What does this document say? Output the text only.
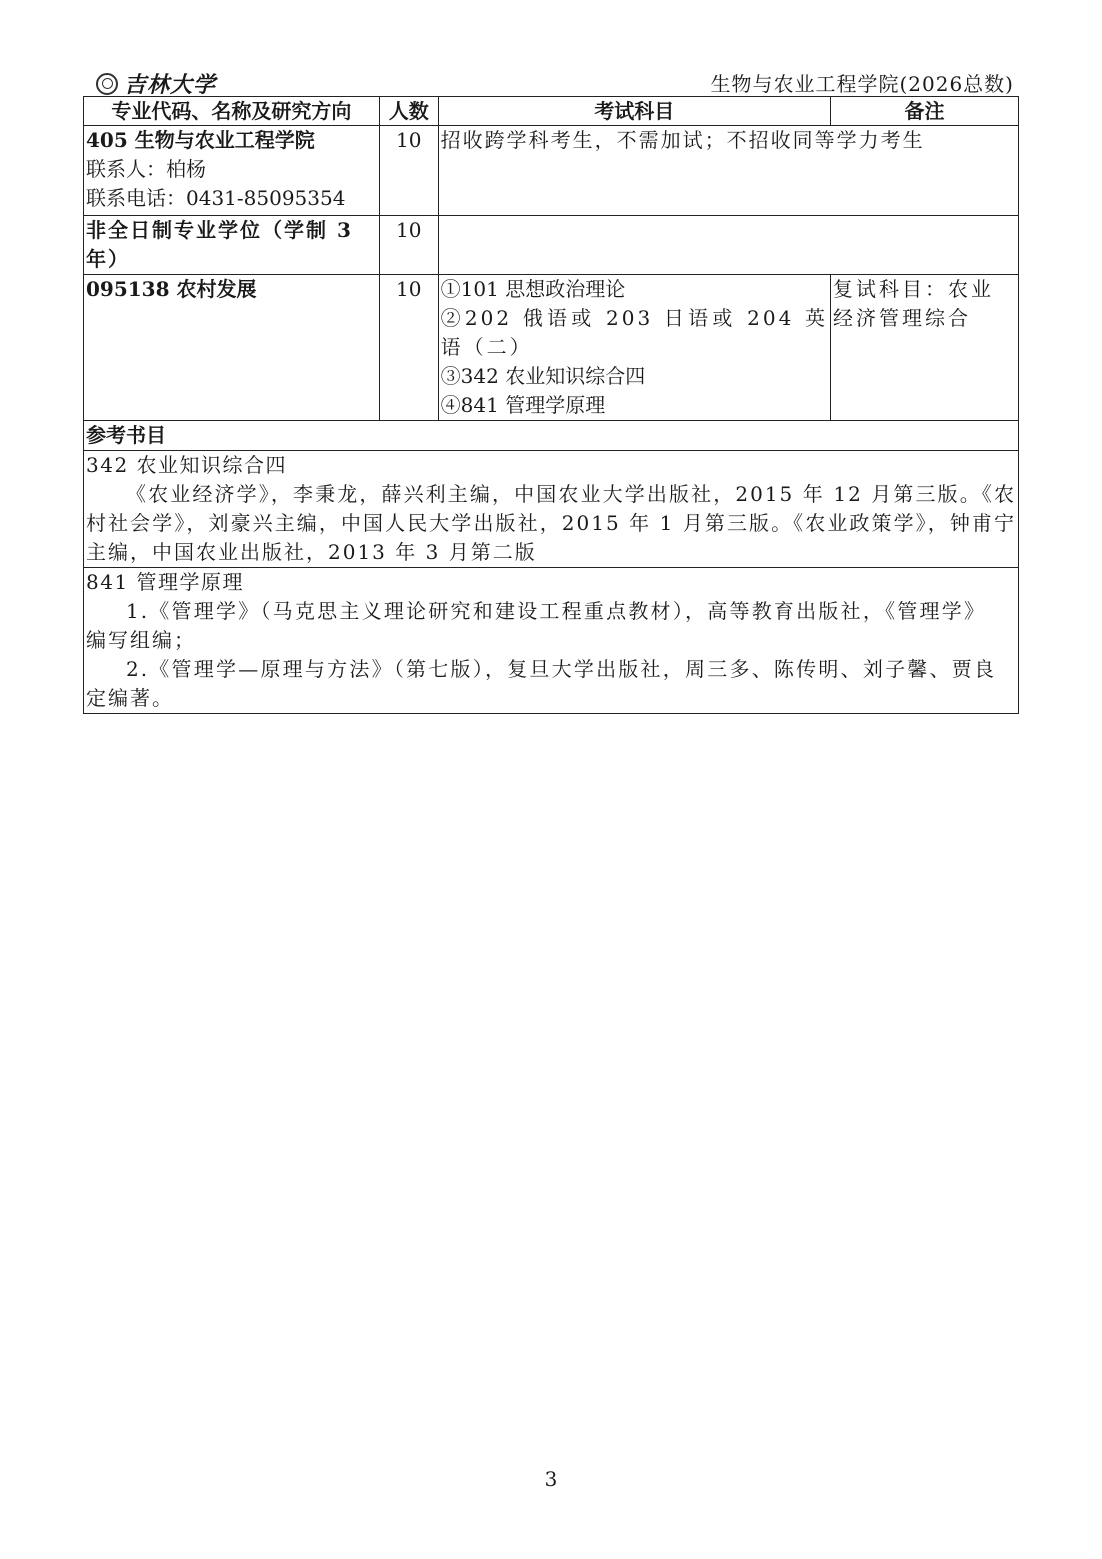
吉林大学	生物与农业工程学院(2026总数)
专业代码、名称及研究方向	人数	考试科目	备注

405 生物与农业工程学院
联系人：柏杨
联系电话：0431-85095354	10	招收跨学科考生，不需加试；不招收同等学力考生	
非全日制专业学位（学制 3 年）	10		
095138 农村发展	10	①101 思想政治理论
②202 俄语或 203 日语或 204 英语（二）
③342 农业知识综合四
④841 管理学原理	复试科目：农业经济管理综合
参考书目			

342 农业知识综合四
《农业经济学》，李秉龙，薛兴利主编，中国农业大学出版社，2015 年 12 月第三版。《农村社会学》，刘豪兴主编，中国人民大学出版社，2015 年 1 月第三版。《农业政策学》，钟甫宁主编，中国农业出版社，2013 年 3 月第二版			

841 管理学原理
1.《管理学》（马克思主义理论研究和建设工程重点教材），高等教育出版社，《管理学》编写组编；
2.《管理学—原理与方法》（第七版），复旦大学出版社，周三多、陈传明、刘子馨、贾良定编著。			
3
